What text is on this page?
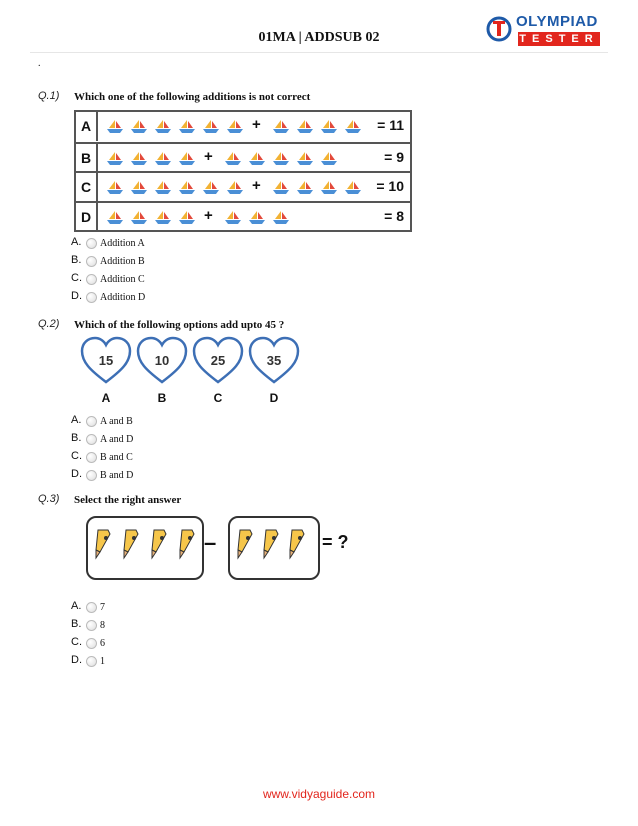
01MA | ADDSUB 02
OLYMPIAD
TESTER
.
Q.1) Which one of the following additions is not correct
A	+	= 11
B	+	= 9
C	+	= 10
D	+	= 8
A. Addition A
B. Addition B
C. Addition C
D. Addition D
Q.2) Which of the following options add upto 45 ?
15
A
10
B
25
C
35
D
A. A and B
B. A and D
C. B and C
D. B and D
Q.3) Select the right answer
–	= ?
A. 7
B. 8
C. 6
D. 1
www.vidyaguide.com
